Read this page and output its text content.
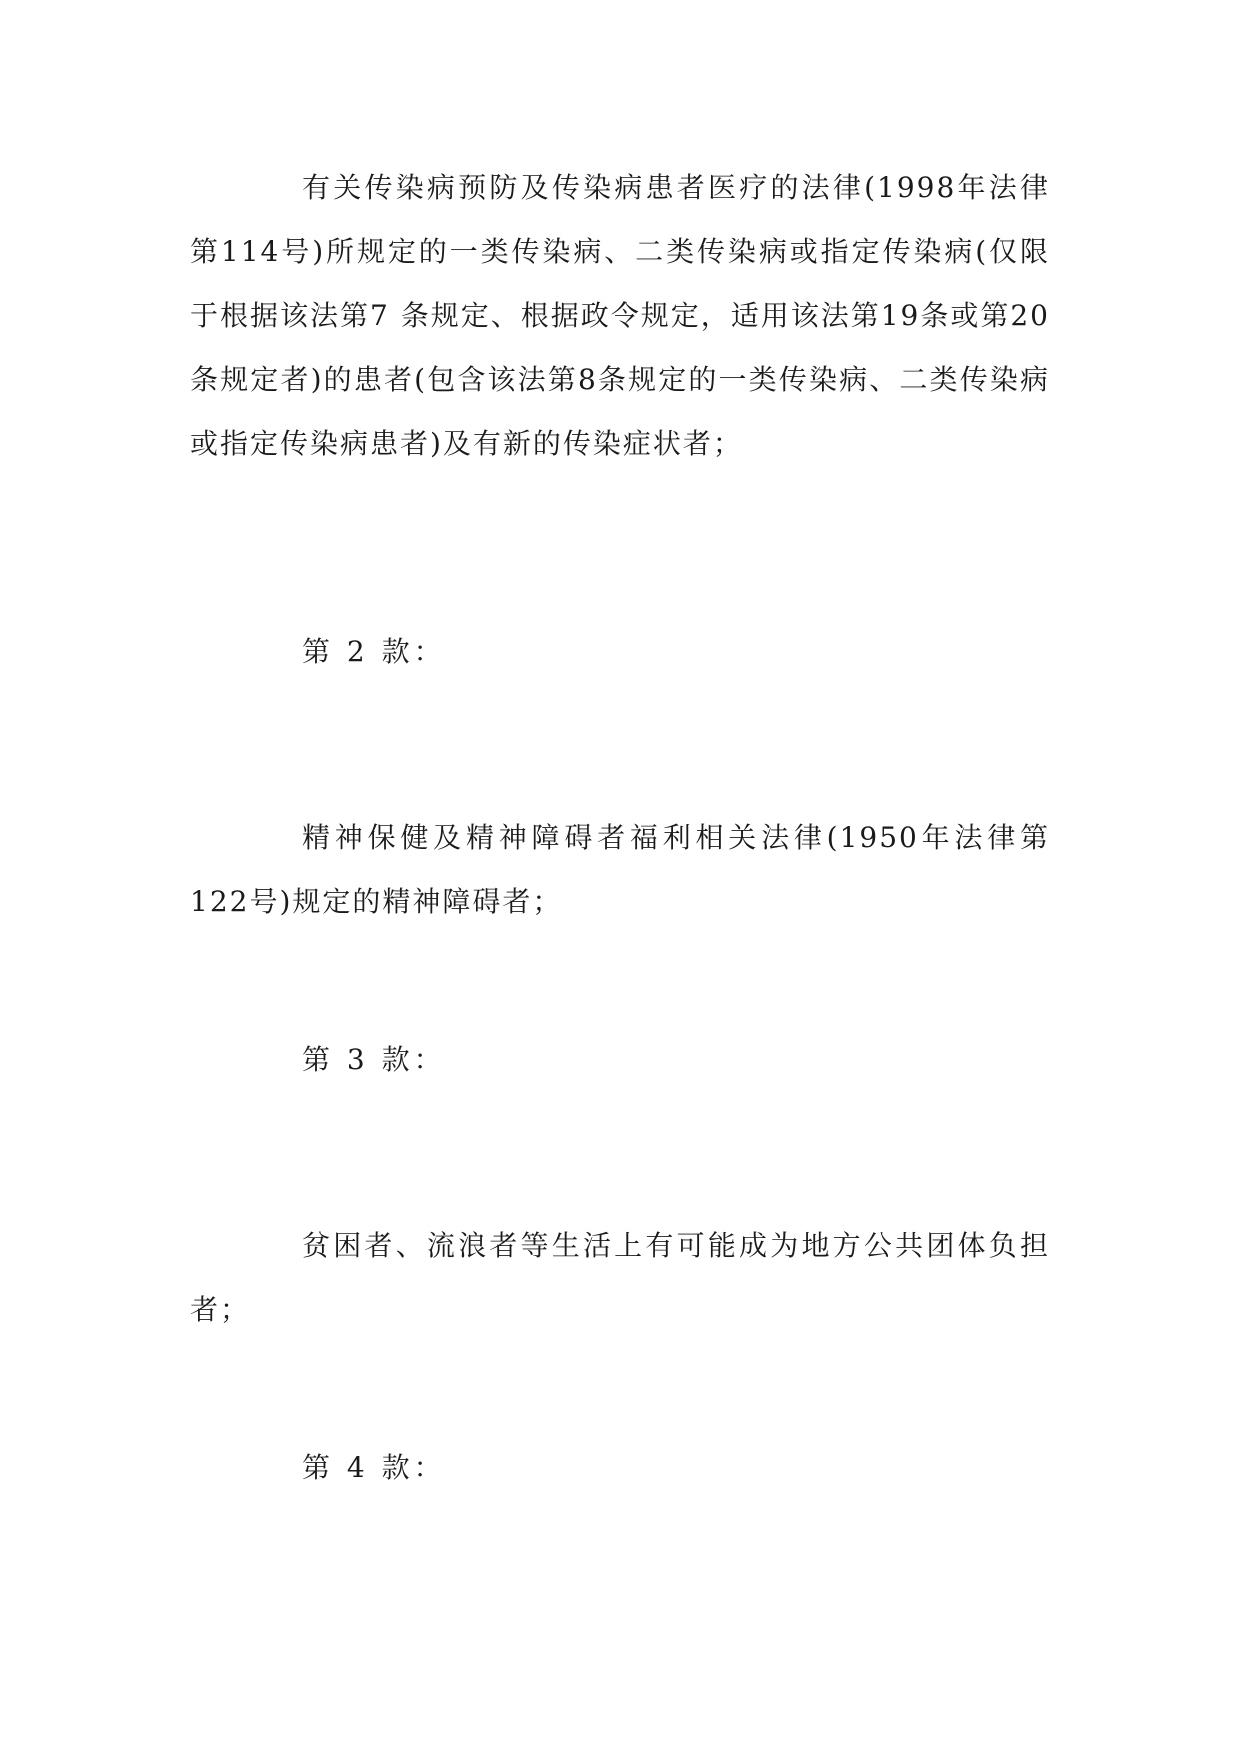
有关传染病预防及传染病患者医疗的法律(1998年法律第114号)所规定的一类传染病、二类传染病或指定传染病(仅限于根据该法第7 条规定、根据政令规定，适用该法第19条或第20条规定者)的患者(包含该法第8条规定的一类传染病、二类传染病或指定传染病患者)及有新的传染症状者；

第 2 款：

精神保健及精神障碍者福利相关法律(1950年法律第122号)规定的精神障碍者；

第 3 款：

贫困者、流浪者等生活上有可能成为地方公共团体负担者；

第 4 款：
